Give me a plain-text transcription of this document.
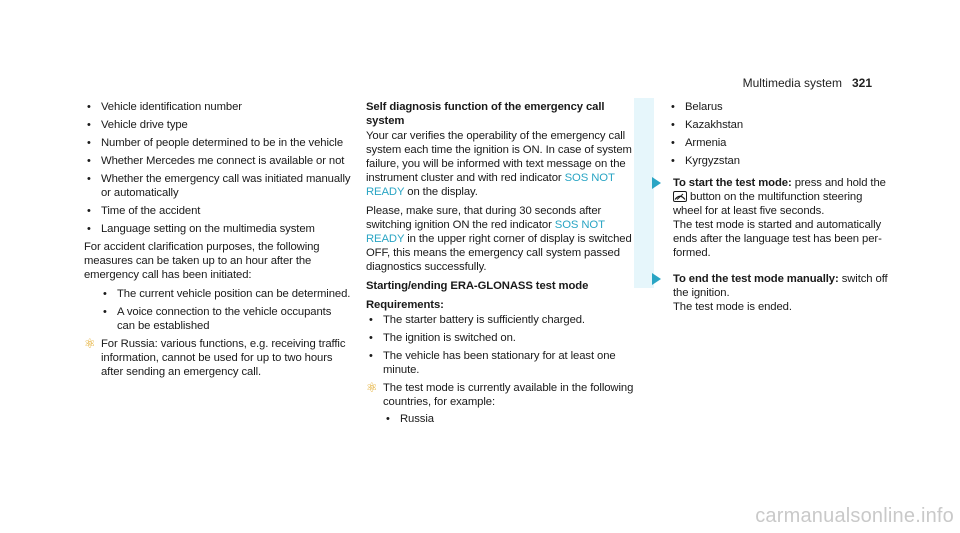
Multimedia system 321
• Vehicle identification number
• Vehicle drive type
• Number of people determined to be in the vehicle
• Whether Mercedes me connect is available or not
• Whether the emergency call was initiated manually or automatically
• Time of the accident
• Language setting on the multimedia system

For accident clarification purposes, the following measures can be taken up to an hour after the emergency call has been initiated:

• The current vehicle position can be determined.
• A voice connection to the vehicle occupants can be established
⚛ For Russia: various functions, e.g. receiving traffic information, cannot be used for up to two hours after sending an emergency call.

Self diagnosis function of the emergency call system

Your car verifies the operability of the emergency call system each time the ignition is ON. In case of system failure, you will be informed with text message on the instrument cluster and with red indicator SOS NOT READY on the display.

Please, make sure, that during 30 seconds after switching ignition ON the red indicator SOS NOT READY in the upper right corner of display is switched OFF, this means the emergency call system passed diagnostics successfully.

Starting/ending ERA-GLONASS test mode

Requirements:

• The starter battery is sufficiently charged.
• The ignition is switched on.
• The vehicle has been stationary for at least one minute.
⚛ The test mode is currently available in the following countries, for example:
• Russia
• Belarus
• Kazakhstan
• Armenia
• Kyrgyzstan
To start the test mode: press and hold the
button on the multifunction steering wheel for at least five seconds.
The test mode is started and automatically ends after the language test has been performed.
To end the test mode manually: switch off the ignition.
The test mode is ended.
carmanualsonline.info
